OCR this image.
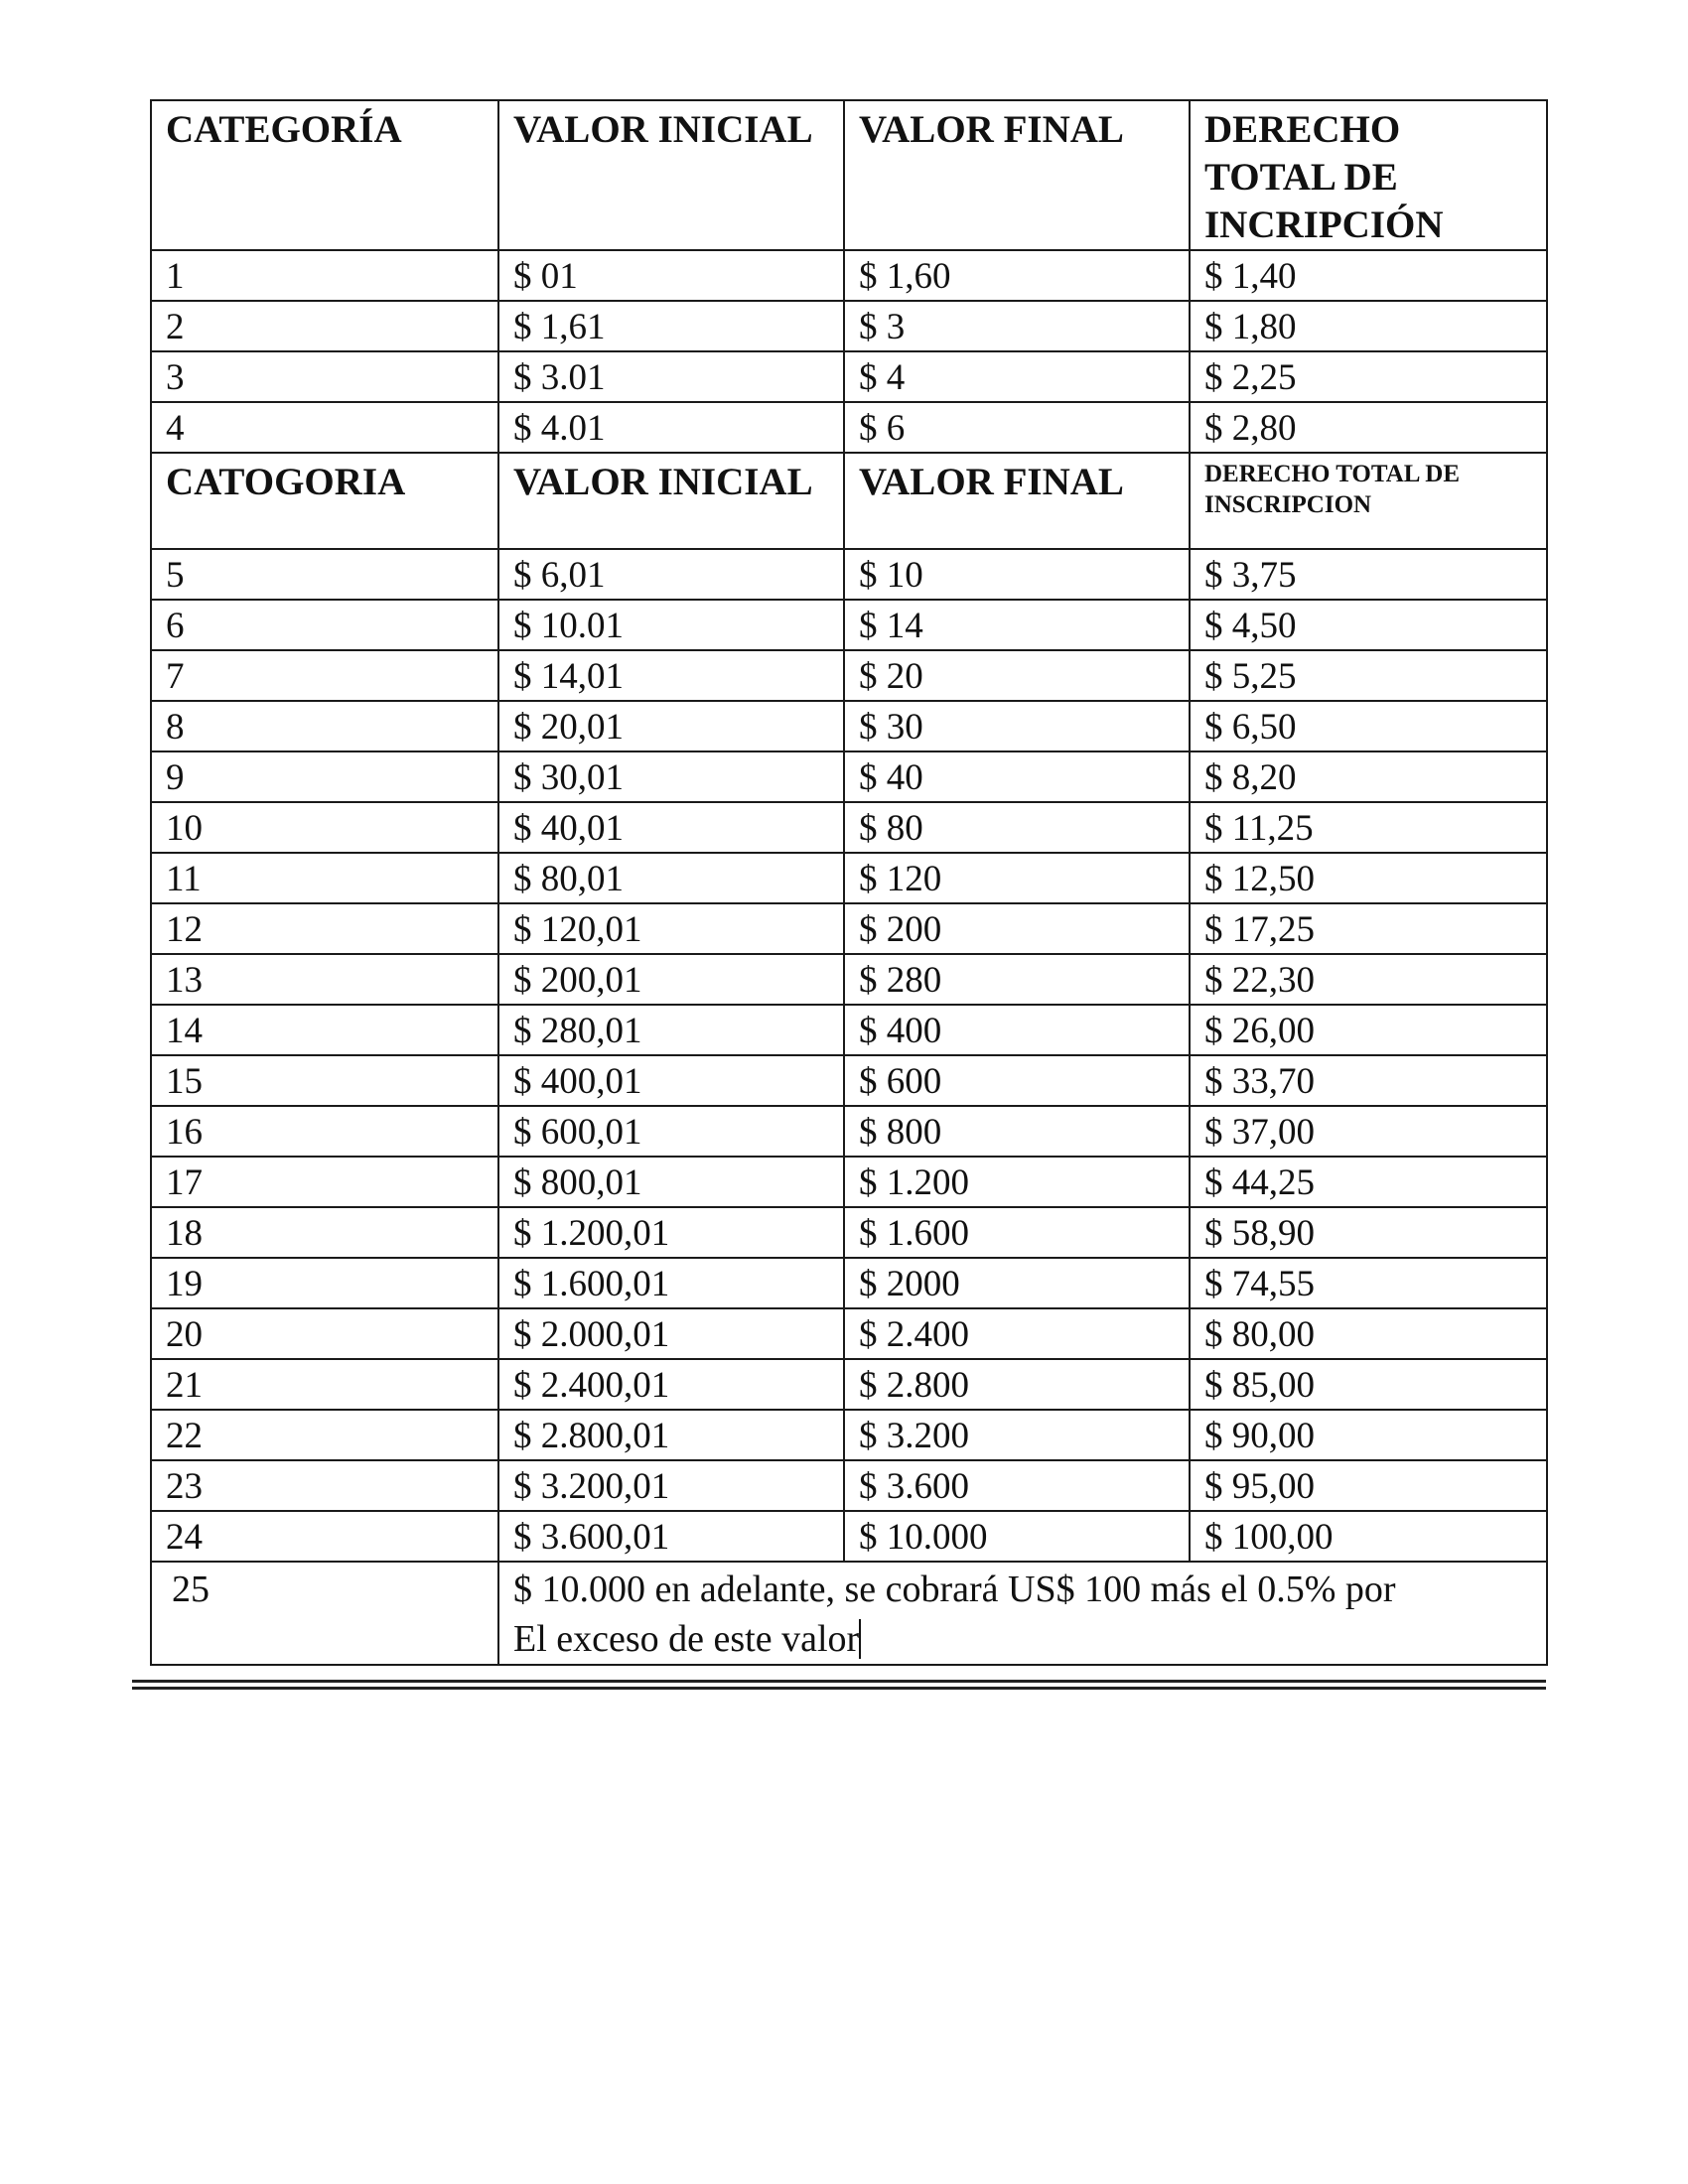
CATEGORÍA	VALOR INICIAL	VALOR FINAL	DERECHO TOTAL DE INCRIPCIÓN
1	$ 01	$ 1,60	$ 1,40
2	$ 1,61	$ 3	$ 1,80
3	$ 3.01	$ 4	$ 2,25
4	$ 4.01	$ 6	$ 2,80
CATOGORIA	VALOR INICIAL	VALOR FINAL	DERECHO TOTAL DE INSCRIPCION
5	$ 6,01	$ 10	$ 3,75
6	$ 10.01	$ 14	$ 4,50
7	$ 14,01	$ 20	$ 5,25
8	$ 20,01	$ 30	$ 6,50
9	$ 30,01	$ 40	$ 8,20
10	$ 40,01	$ 80	$ 11,25
11	$ 80,01	$ 120	$ 12,50
12	$ 120,01	$ 200	$ 17,25
13	$ 200,01	$ 280	$ 22,30
14	$ 280,01	$ 400	$ 26,00
15	$ 400,01	$ 600	$ 33,70
16	$ 600,01	$ 800	$ 37,00
17	$ 800,01	$ 1.200	$ 44,25
18	$ 1.200,01	$ 1.600	$ 58,90
19	$ 1.600,01	$ 2000	$ 74,55
20	$ 2.000,01	$ 2.400	$ 80,00
21	$ 2.400,01	$ 2.800	$ 85,00
22	$ 2.800,01	$ 3.200	$ 90,00
23	$ 3.200,01	$ 3.600	$ 95,00
24	$ 3.600,01	$ 10.000	$ 100,00
25	$ 10.000 en adelante, se cobrará US$ 100 más el 0.5% por
El exceso de este valor		
